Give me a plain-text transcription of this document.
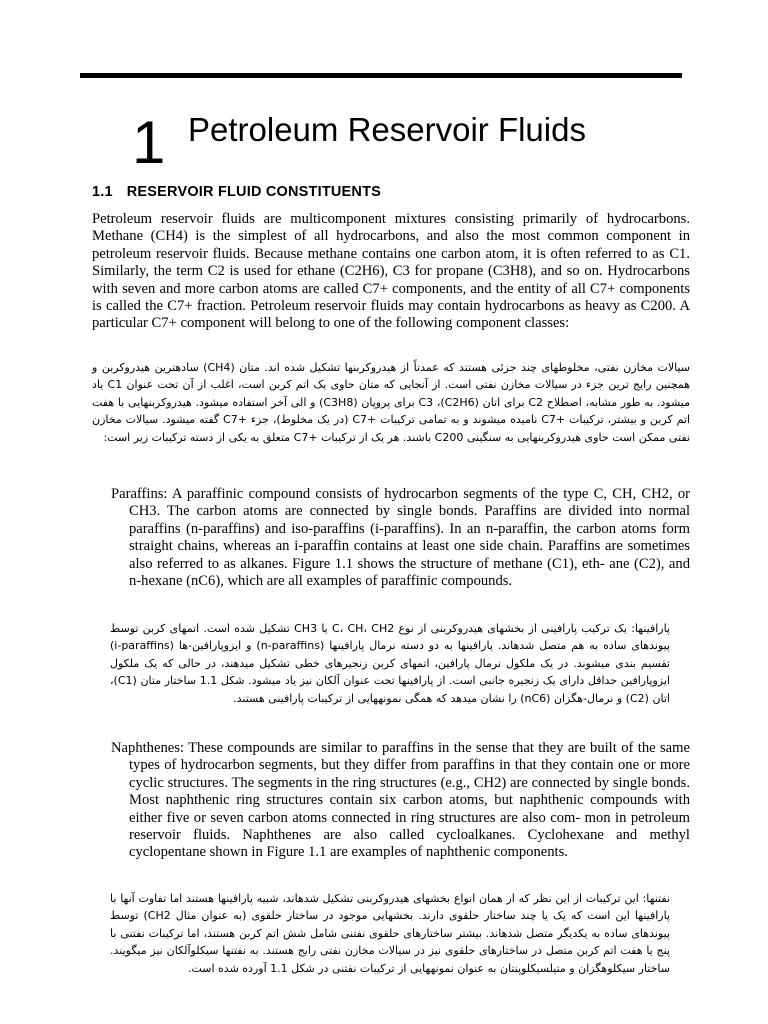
1 Petroleum Reservoir Fluids
1.1 RESERVOIR FLUID CONSTITUENTS

Petroleum reservoir fluids are multicomponent mixtures consisting primarily of hydrocarbons. Methane (CH4) is the simplest of all hydrocarbons, and also the most common component in petroleum reservoir fluids. Because methane contains one carbon atom, it is often referred to as C1. Similarly, the term C2 is used for ethane (C2H6), C3 for propane (C3H8), and so on. Hydrocarbons with seven and more carbon atoms are called C7+ components, and the entity of all C7+ components is called the C7+ fraction. Petroleum reservoir fluids may contain hydrocarbons as heavy as C200. A particular C7+ component will belong to one of the following component classes:

سیالات مخازن نفتی، مخلوطهای چند جزئی هستند که عمدتاً از هیدروکربنها تشکیل شده اند. متان (CH4) سادهترین هیدروکربن و همچنین رایج ترین جزء در سیالات مخازن نفتی است. از آنجایی که متان حاوی یک اتم کربن است، اغلب از آن تحت عنوان C1 یاد میشود. به طور مشابه، اصطلاح C2 برای اتان (C2H6)، C3 برای پروپان (C3H8) و الی آخر استفاده میشود. هیدروکربنهایی با هفت اتم کربن و بیشتر، ترکیبات +C7 نامیده میشوند و به تمامی ترکیبات +C7 (در یک مخلوط)، جزء +C7 گفته میشود. سیالات مخازن نفتی ممکن است حاوی هیدروکربنهایی به سنگینی C200 باشند. هر یک از ترکیبات +C7 متعلق به یکی از دسته ترکیبات زیر است:

Paraffins: A paraffinic compound consists of hydrocarbon segments of the type C, CH, CH2, or CH3. The carbon atoms are connected by single bonds. Paraffins are divided into normal paraffins (n-paraffins) and iso-paraffins (i-paraffins). In an n-paraffin, the carbon atoms form straight chains, whereas an i-paraffin contains at least one side chain. Paraffins are sometimes also referred to as alkanes. Figure 1.1 shows the structure of methane (C1), eth- ane (C2), and n-hexane (nC6), which are all examples of paraffinic compounds.

پارافینها: یک ترکیب پارافینی از بخشهای هیدروکربنی از نوع C، CH، CH2 یا CH3 تشکیل شده است. اتمهای کربن توسط پیوندهای ساده به هم متصل شدهاند. پارافینها به دو دسته نرمال پارافینها (n-paraffins) و ایزوپارافین-ها (i-paraffins) تقسیم بندی میشوند. در یک ملکول نرمال پارافین، اتمهای کربن زنجیرهای خطی تشکیل میدهند، در حالی که یک ملکول ایزوپارافین حداقل دارای یک زنجیره جانبی است. از پارافینها تحت عنوان آلکان نیز یاد میشود. شکل 1.1 ساختار متان (C1)، اتان (C2) و نرمال-هگزان (nC6) را نشان میدهد که همگی نمونههایی از ترکیبات پارافینی هستند.

Naphthenes: These compounds are similar to paraffins in the sense that they are built of the same types of hydrocarbon segments, but they differ from paraffins in that they contain one or more cyclic structures. The segments in the ring structures (e.g., CH2) are connected by single bonds. Most naphthenic ring structures contain six carbon atoms, but naphthenic compounds with either five or seven carbon atoms connected in ring structures are also com- mon in petroleum reservoir fluids. Naphthenes are also called cycloalkanes. Cyclohexane and methyl cyclopentane shown in Figure 1.1 are examples of naphthenic components.

نفتنها: این ترکیبات از این نظر که از همان انواع بخشهای هیدروکربنی تشکیل شدهاند، شبیه پارافینها هستند اما تفاوت آنها با پارافینها این است که یک یا چند ساختار حلقوی دارند. بخشهایی موجود در ساختار حلقوی (به عنوان مثال CH2) توسط پیوندهای ساده به یکدیگر متصل شدهاند. بیشتر ساختارهای حلقوی نفتنی شامل شش اتم کربن هستند، اما ترکیبات نفتنی با پنج یا هفت اتم کربن متصل در ساختارهای حلقوی نیز در سیالات مخازن نفتی رایج هستند. به نفتنها سیکلوآلکان نیز میگویند. ساختار سیکلوهگزان و متیلسیکلوپنتان به عنوان نمونههایی از ترکیبات نفتنی در شکل 1.1 آورده شده است.
